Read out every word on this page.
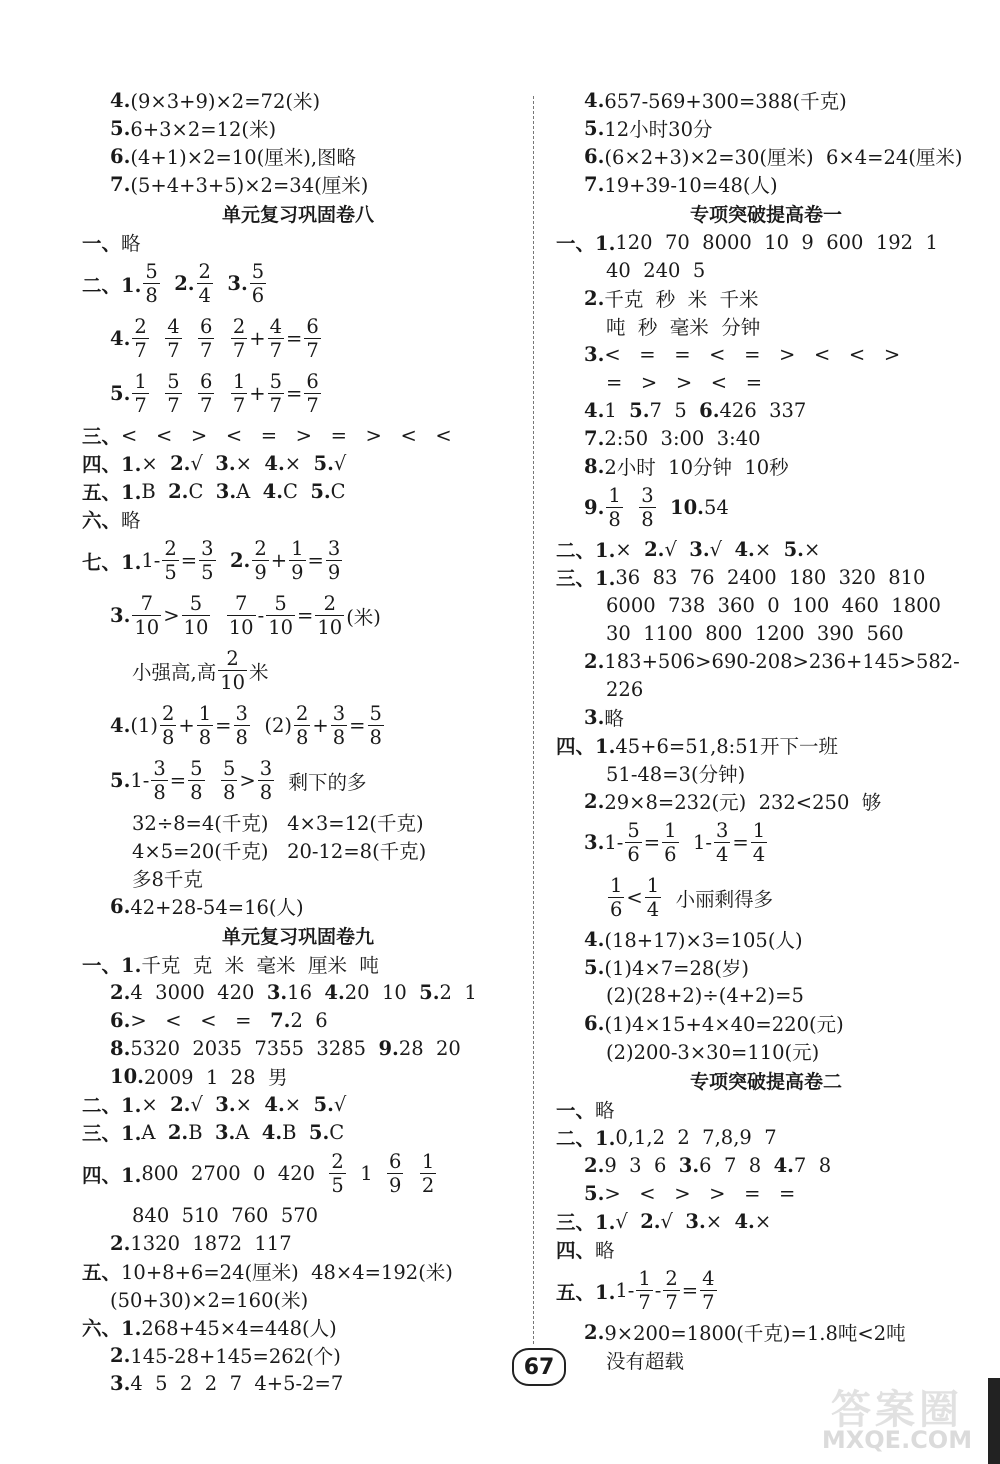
4. (9×3+9)×2=72(米)
5. 6+3×2=12(米)
6. (4+1)×2=10(厘米),图略
7. (5+4+3+5)×2=34(厘米)
单元复习巩固卷八
一、 略
二、1. $\frac{5}{8}$
2. $\frac{2}{4}$
3. $\frac{5}{6}$
4. $\frac{2}{7}$
$\frac{4}{7}$
$\frac{6}{7}$
$\frac{2}{7} + \frac{4}{7} = \frac{6}{7}$
5. $\frac{1}{7}$
$\frac{5}{7}$
$\frac{6}{7}$
$\frac{1}{7} + \frac{5}{7} = \frac{6}{7}$
三、 <   <   >   <   =   >   =   >   <   <
四、1. × 2. √ 3. × 4. × 5. √
五、1. B 2. C 3. A 4. C 5. C
六、 略
七、1. $1- \frac{2}{5} = \frac{3}{5}$
2. $\frac{2}{9} + \frac{1}{9} = \frac{3}{9}$
3. $\frac{7}{10} > \frac{5}{10}$
$\frac{7}{10} - \frac{5}{10} = \frac{2}{10}$ (米)
小强高,高 $\frac{2}{10}$ 米
4. $(1) \frac{2}{8} + \frac{1}{8} = \frac{3}{8} (2) \frac{2}{8} + \frac{3}{8} = \frac{5}{8}$
5. $1- \frac{3}{8} = \frac{5}{8}$
$\frac{5}{8} > \frac{3}{8}$ 剩下的多
32÷8=4(千克)   4×3=12(千克)
4×5=20(千克)   20-12=8(千克)
多8千克
6. 42+28-54=16(人)
单元复习巩固卷九
一、1. 千克  克  米  毫米  厘米  吨
2. 4  3000  420 3. 16 4. 20  10 5. 2  1
6. >   <   <   = 7. 2  6
8. 5320  2035  7355  3285 9. 28  20
10. 2009  1  28  男
二、1. × 2. √ 3. × 4. × 5. √
三、1. A 2. B 3. A 4. B 5. C
四、1. 800  2700  0  $420 \frac{2}{5} 1 \frac{6}{9}$
$\frac{1}{2}$
840  510  760  570
2. 1320  1872  117
五、 10+8+6=24(厘米)  48×4=192(米)
(50+30)×2=160(米)
六、1. 268+45×4=448(人)
2. 145-28+145=262(个)
3. 4  5  2  2  7  4+5-2=7
4. 657-569+300=388(千克)
5. 12小时30分
6. (6×2+3)×2=30(厘米)  6×4=24(厘米)
7. 19+39-10=48(人)
专项突破提高卷一
一、1. 120  70  8000  10  9  600  192  1
40  240  5
2. 千克  秒  米  千米
吨  秒  毫米  分钟
3. <   =   =   <   =   >   <   <   >
=   >   >   <   =
4. 1 5. 7  5 6. 426  337
7. 2:50  3:00  3:40
8. 2小时  10分钟  10秒
9. $\frac{1}{8}$
$\frac{3}{8}$
10. 54
二、1. × 2. √ 3. √ 4. × 5. ×
三、1. 36  83  76  2400  180  320  810
6000  738  360  0  100  460  1800
30  1100  800  1200  390  560
2. 183+506>690-208>236+145>582-
226
3. 略
四、1. 45+6=51,8:51开下一班
51-48=3(分钟)
2. 29×8=232(元)  232<250  够
3. $1- \frac{5}{6} = \frac{1}{6} 1- \frac{3}{4} = \frac{1}{4}$
$\frac{1}{6} < \frac{1}{4}$ 小丽剩得多
4. (18+17)×3=105(人)
5. (1)4×7=28(岁)
(2)(28+2)÷(4+2)=5
6. (1)4×15+4×40=220(元)
(2)200-3×30=110(元)
专项突破提高卷二
一、 略
二、1. 0,1,2  2  7,8,9  7
2. 9  3  6 3. 6  7  8 4. 7  8
5. >   <   >   >   =   =
三、1. √ 2. √ 3. × 4. ×
四、 略
五、1. $1- \frac{1}{7} - \frac{2}{7} = \frac{4}{7}$
2. 9×200=1800(千克)=1.8吨<2吨
没有超载
67
答案圈
MXQE.COM
